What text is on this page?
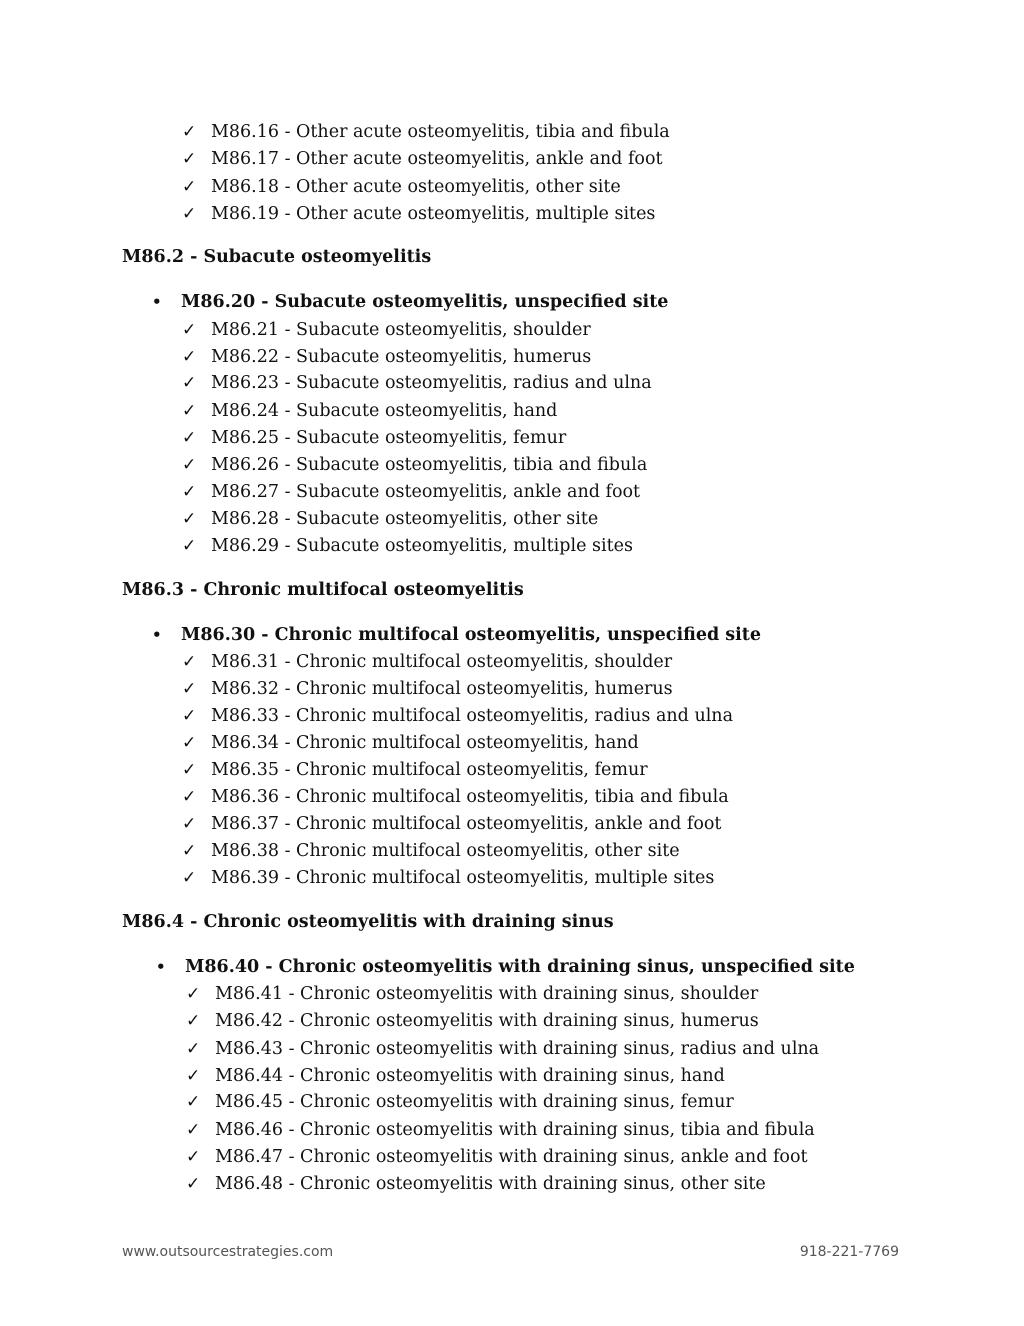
✓ M86.16 - Other acute osteomyelitis, tibia and fibula
✓ M86.17 - Other acute osteomyelitis, ankle and foot
✓ M86.18 - Other acute osteomyelitis, other site
✓ M86.19 - Other acute osteomyelitis, multiple sites
M86.2 - Subacute osteomyelitis
• M86.20 - Subacute osteomyelitis, unspecified site
✓ M86.21 - Subacute osteomyelitis, shoulder
✓ M86.22 - Subacute osteomyelitis, humerus
✓ M86.23 - Subacute osteomyelitis, radius and ulna
✓ M86.24 - Subacute osteomyelitis, hand
✓ M86.25 - Subacute osteomyelitis, femur
✓ M86.26 - Subacute osteomyelitis, tibia and fibula
✓ M86.27 - Subacute osteomyelitis, ankle and foot
✓ M86.28 - Subacute osteomyelitis, other site
✓ M86.29 - Subacute osteomyelitis, multiple sites
M86.3 - Chronic multifocal osteomyelitis
• M86.30 - Chronic multifocal osteomyelitis, unspecified site
✓ M86.31 - Chronic multifocal osteomyelitis, shoulder
✓ M86.32 - Chronic multifocal osteomyelitis, humerus
✓ M86.33 - Chronic multifocal osteomyelitis, radius and ulna
✓ M86.34 - Chronic multifocal osteomyelitis, hand
✓ M86.35 - Chronic multifocal osteomyelitis, femur
✓ M86.36 - Chronic multifocal osteomyelitis, tibia and fibula
✓ M86.37 - Chronic multifocal osteomyelitis, ankle and foot
✓ M86.38 - Chronic multifocal osteomyelitis, other site
✓ M86.39 - Chronic multifocal osteomyelitis, multiple sites
M86.4 - Chronic osteomyelitis with draining sinus
• M86.40 - Chronic osteomyelitis with draining sinus, unspecified site
✓ M86.41 - Chronic osteomyelitis with draining sinus, shoulder
✓ M86.42 - Chronic osteomyelitis with draining sinus, humerus
✓ M86.43 - Chronic osteomyelitis with draining sinus, radius and ulna
✓ M86.44 - Chronic osteomyelitis with draining sinus, hand
✓ M86.45 - Chronic osteomyelitis with draining sinus, femur
✓ M86.46 - Chronic osteomyelitis with draining sinus, tibia and fibula
✓ M86.47 - Chronic osteomyelitis with draining sinus, ankle and foot
✓ M86.48 - Chronic osteomyelitis with draining sinus, other site
www.outsourcestrategies.com	918-221-7769
